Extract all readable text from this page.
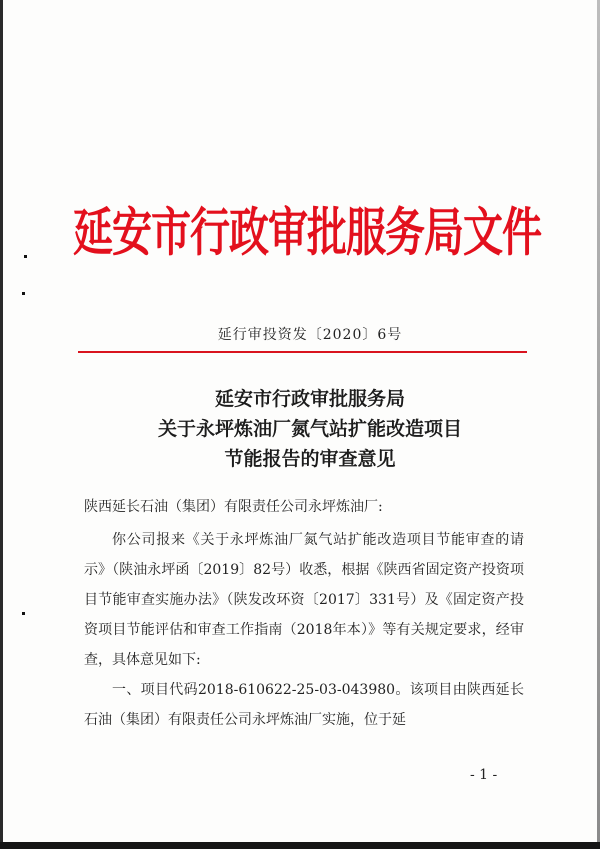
延安市行政审批服务局文件
延行审投资发〔2020〕6号
延安市行政审批服务局
关于永坪炼油厂氮气站扩能改造项目
节能报告的审查意见
陕西延长石油（集团）有限责任公司永坪炼油厂:

你公司报来《关于永坪炼油厂氮气站扩能改造项目节能审查的请示》（陕油永坪函〔2019〕82号）收悉，根据《陕西省固定资产投资项目节能审查实施办法》（陕发改环资〔2017〕331号）及《固定资产投资项目节能评估和审查工作指南（2018年本）》等有关规定要求，经审查，具体意见如下:

一、项目代码2018-610622-25-03-043980。该项目由陕西延长石油（集团）有限责任公司永坪炼油厂实施，位于延

- 1 -
